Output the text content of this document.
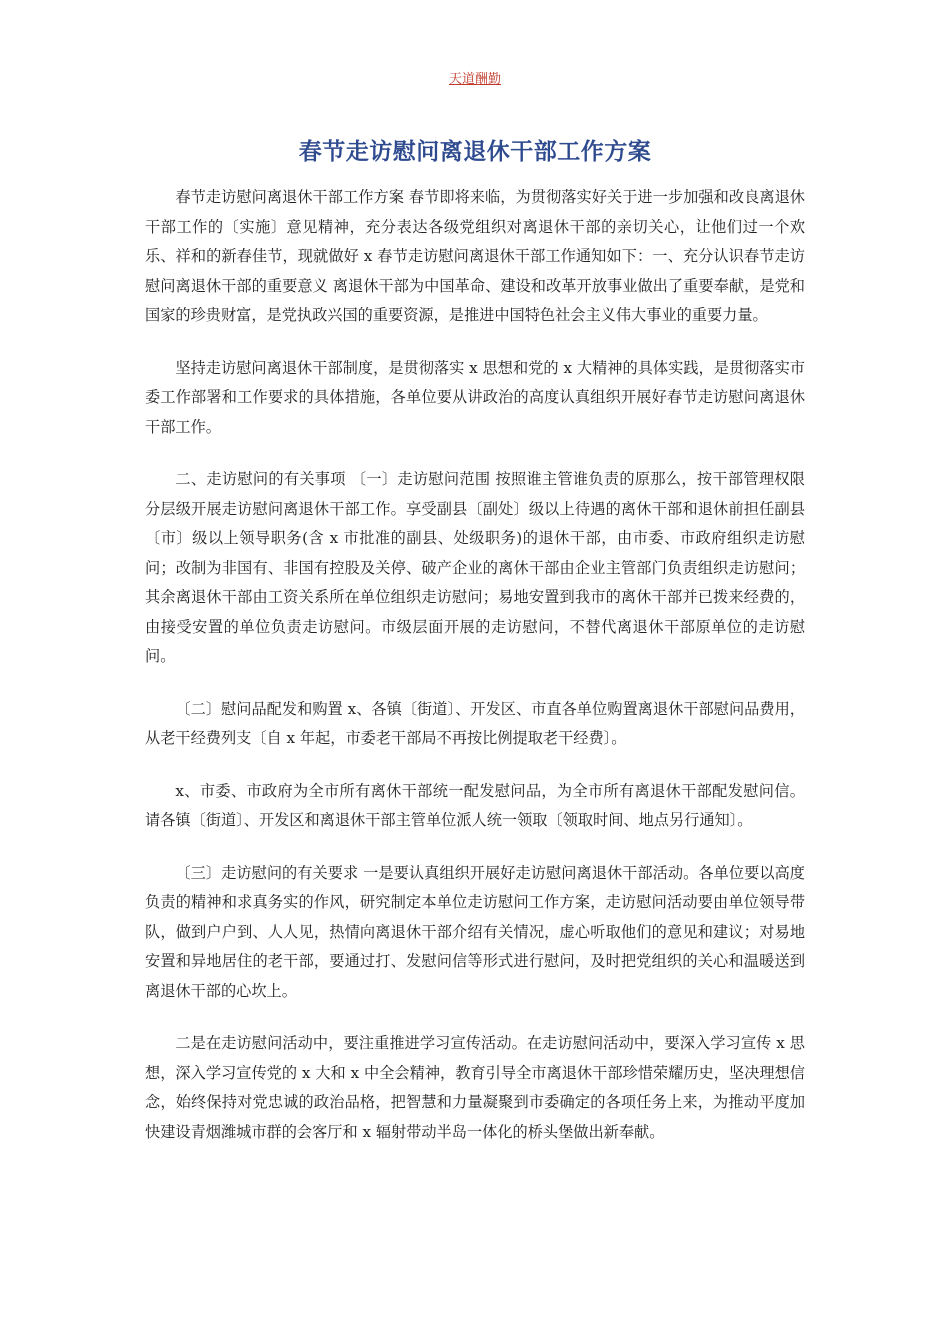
天道酬勤
春节走访慰问离退休干部工作方案

春节走访慰问离退休干部工作方案 春节即将来临，为贯彻落实好关于进一步加强和改良离退休干部工作的〔实施〕意见精神，充分表达各级党组织对离退休干部的亲切关心，让他们过一个欢乐、祥和的新春佳节，现就做好 x 春节走访慰问离退休干部工作通知如下：一、充分认识春节走访慰问离退休干部的重要意义 离退休干部为中国革命、建设和改革开放事业做出了重要奉献，是党和国家的珍贵财富，是党执政兴国的重要资源，是推进中国特色社会主义伟大事业的重要力量。

坚持走访慰问离退休干部制度，是贯彻落实 x 思想和党的 x 大精神的具体实践，是贯彻落实市委工作部署和工作要求的具体措施，各单位要从讲政治的高度认真组织开展好春节走访慰问离退休干部工作。

二、走访慰问的有关事项 〔一〕走访慰问范围 按照谁主管谁负责的原那么，按干部管理权限分层级开展走访慰问离退休干部工作。享受副县〔副处〕级以上待遇的离休干部和退休前担任副县〔市〕级以上领导职务(含 x 市批准的副县、处级职务)的退休干部，由市委、市政府组织走访慰问；改制为非国有、非国有控股及关停、破产企业的离休干部由企业主管部门负责组织走访慰问；其余离退休干部由工资关系所在单位组织走访慰问；易地安置到我市的离休干部并已拨来经费的，由接受安置的单位负责走访慰问。市级层面开展的走访慰问，不替代离退休干部原单位的走访慰问。

〔二〕慰问品配发和购置 x、各镇〔街道〕、开发区、市直各单位购置离退休干部慰问品费用，从老干经费列支〔自 x 年起，市委老干部局不再按比例提取老干经费〕。

x、市委、市政府为全市所有离休干部统一配发慰问品，为全市所有离退休干部配发慰问信。请各镇〔街道〕、开发区和离退休干部主管单位派人统一领取〔领取时间、地点另行通知〕。

〔三〕走访慰问的有关要求 一是要认真组织开展好走访慰问离退休干部活动。各单位要以高度负责的精神和求真务实的作风，研究制定本单位走访慰问工作方案，走访慰问活动要由单位领导带队，做到户户到、人人见，热情向离退休干部介绍有关情况，虚心听取他们的意见和建议；对易地安置和异地居住的老干部，要通过打、发慰问信等形式进行慰问，及时把党组织的关心和温暖送到离退休干部的心坎上。

二是在走访慰问活动中，要注重推进学习宣传活动。在走访慰问活动中，要深入学习宣传 x 思想，深入学习宣传党的 x 大和 x 中全会精神，教育引导全市离退休干部珍惜荣耀历史，坚决理想信念，始终保持对党忠诚的政治品格，把智慧和力量凝聚到市委确定的各项任务上来，为推动平度加快建设青烟潍城市群的会客厅和 x 辐射带动半岛一体化的桥头堡做出新奉献。
